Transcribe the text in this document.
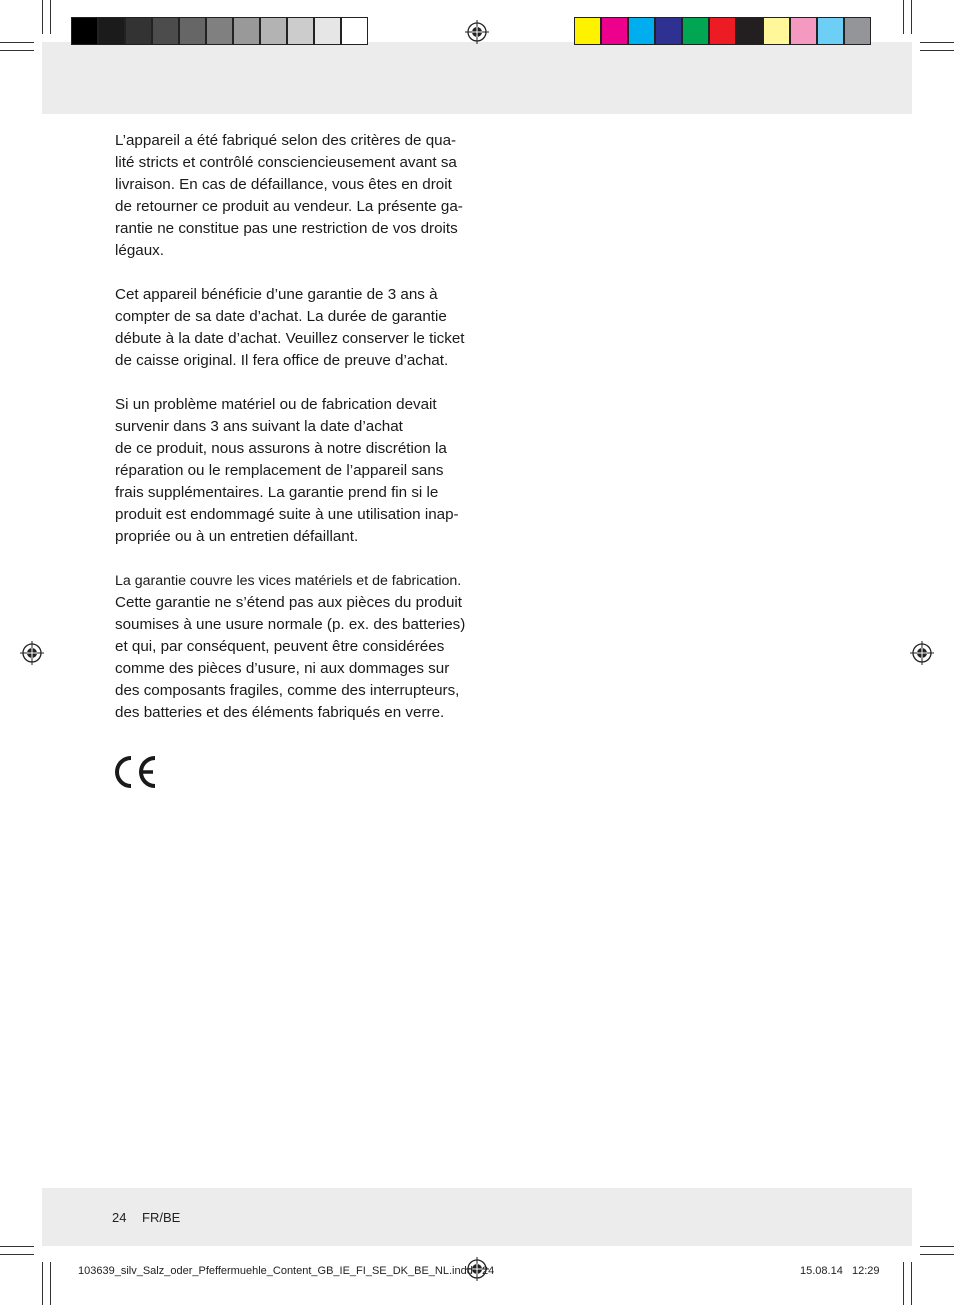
L’appareil a été fabriqué selon des critères de qua-
lité stricts et contrôlé consciencieusement avant sa
livraison. En cas de défaillance, vous êtes en droit
de retourner ce produit au vendeur. La présente ga-
rantie ne constitue pas une restriction de vos droits
légaux.

Cet appareil bénéficie d’une garantie de 3 ans à
compter de sa date d’achat. La durée de garantie
débute à la date d’achat. Veuillez conserver le ticket
de caisse original. Il fera office de preuve d’achat.

Si un problème matériel ou de fabrication devait
survenir dans 3 ans suivant la date d’achat
de ce produit, nous assurons à notre discrétion la
réparation ou le remplacement de l’appareil sans
frais supplémentaires. La garantie prend fin si le
produit est endommagé suite à une utilisation inap-
propriée ou à un entretien défaillant.

La garantie couvre les vices matériels et de fabrication.

Cette garantie ne s’étend pas aux pièces du produit
soumises à une usure normale (p. ex. des batteries)
et qui, par conséquent, peuvent être considérées
comme des pièces d’usure, ni aux dommages sur
des composants fragiles, comme des interrupteurs,
des batteries et des éléments fabriqués en verre.

24 FR/BE
103639_silv_Salz_oder_Pfeffermuehle_Content_GB_IE_FI_SE_DK_BE_NL.indd   24	15.08.14   12:29
